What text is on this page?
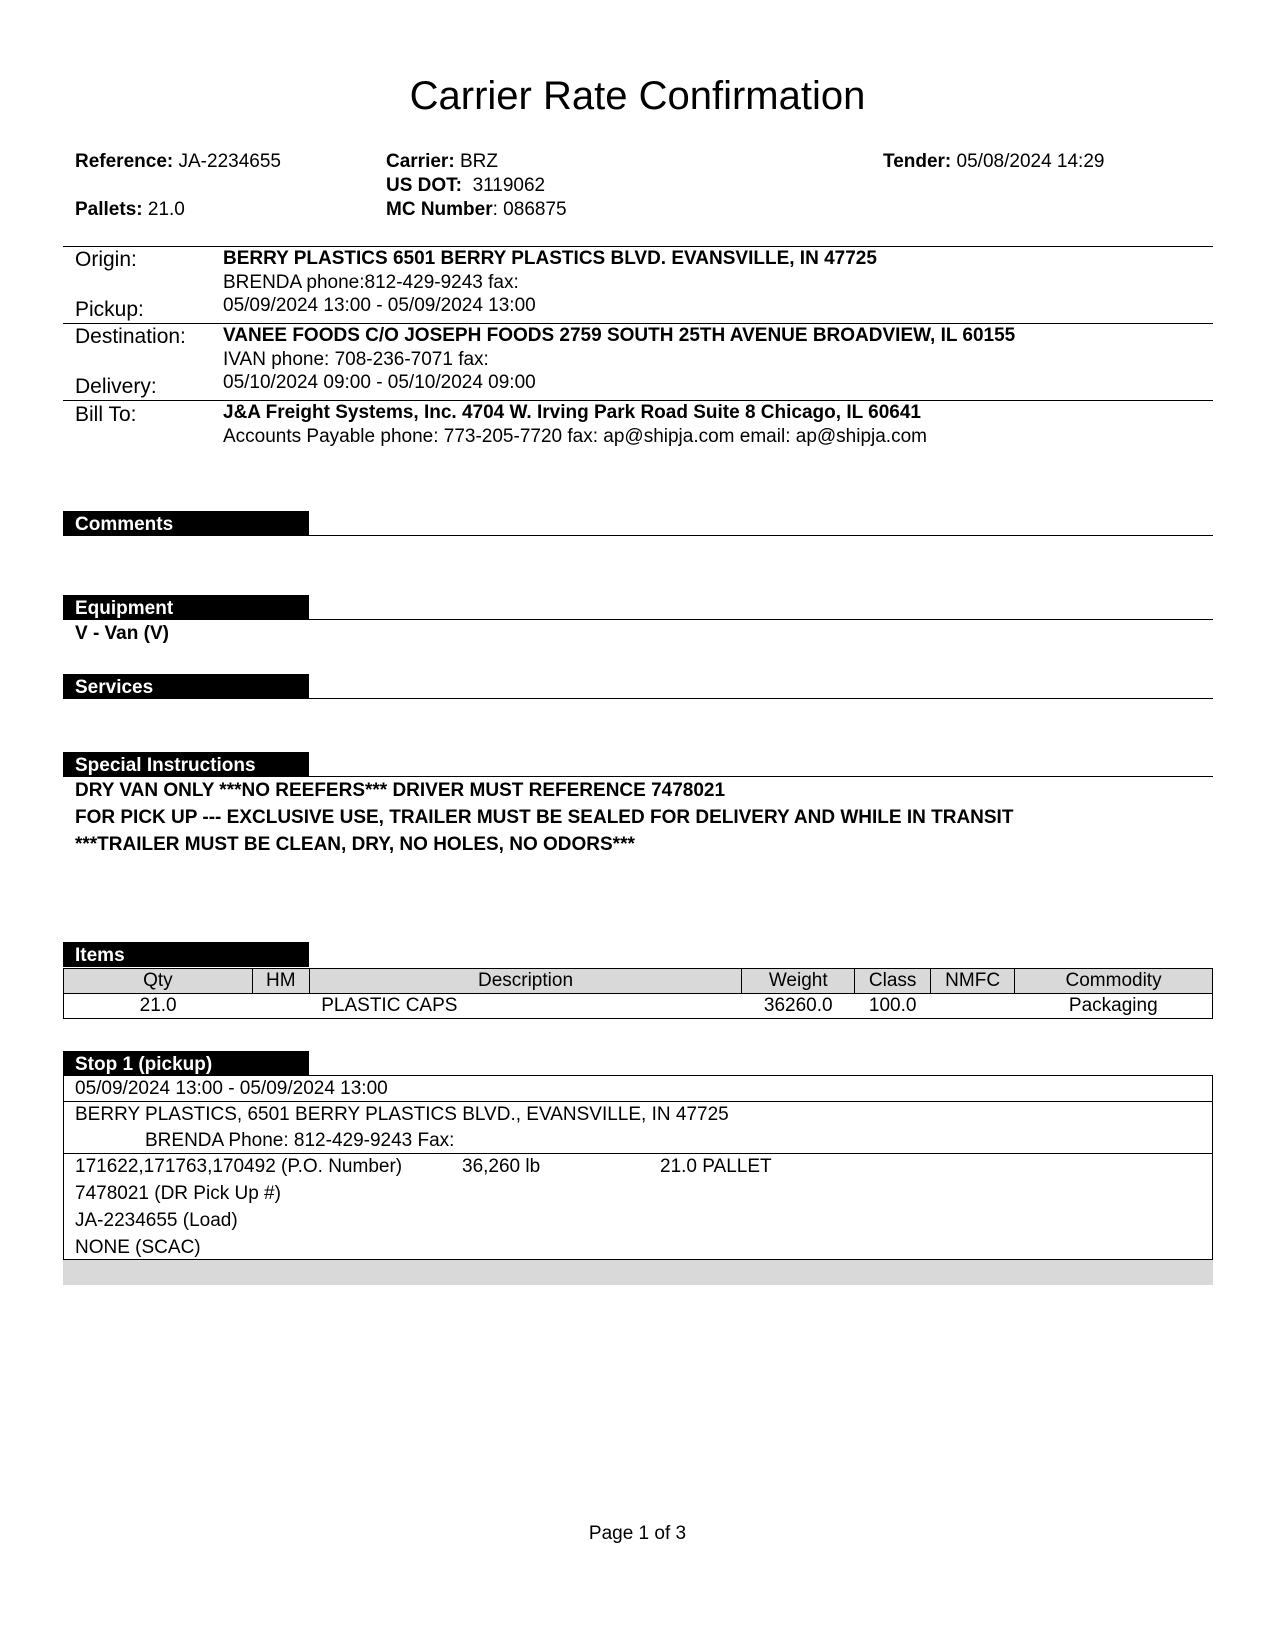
Carrier Rate Confirmation
Reference: JA-2234655
Pallets: 21.0
Carrier: BRZ
US DOT: 3119062
MC Number: 086875
Tender: 05/08/2024 14:29
Origin:	BERRY PLASTICS 6501 BERRY PLASTICS BLVD. EVANSVILLE, IN 47725
BRENDA phone:812-429-9243 fax:
Pickup:	05/09/2024 13:00 - 05/09/2024 13:00
Destination: VANEE FOODS C/O JOSEPH FOODS 2759 SOUTH 25TH AVENUE BROADVIEW, IL 60155
IVAN phone: 708-236-7071 fax:
Delivery:	05/10/2024 09:00 - 05/10/2024 09:00
Bill To:	J&A Freight Systems, Inc. 4704 W. Irving Park Road Suite 8 Chicago, IL 60641
Accounts Payable phone: 773-205-7720 fax: ap@shipja.com email: ap@shipja.com
Comments
Equipment
V - Van (V)
Services
Special Instructions
DRY VAN ONLY ***NO REEFERS*** DRIVER MUST REFERENCE 7478021
FOR PICK UP --- EXCLUSIVE USE, TRAILER MUST BE SEALED FOR DELIVERY AND WHILE IN TRANSIT
***TRAILER MUST BE CLEAN, DRY, NO HOLES, NO ODORS***
Items
Qty	HM	Description	Weight	Class	NMFC	Commodity
21.0		PLASTIC CAPS	36260.0	100.0		Packaging
Stop 1 (pickup)
05/09/2024 13:00 - 05/09/2024 13:00
BERRY PLASTICS, 6501 BERRY PLASTICS BLVD., EVANSVILLE, IN 47725
BRENDA Phone: 812-429-9243 Fax:
171622,171763,170492 (P.O. Number)	36,260 lb	21.0 PALLET
7478021 (DR Pick Up #)
JA-2234655 (Load)
NONE (SCAC)
Page 1 of 3
